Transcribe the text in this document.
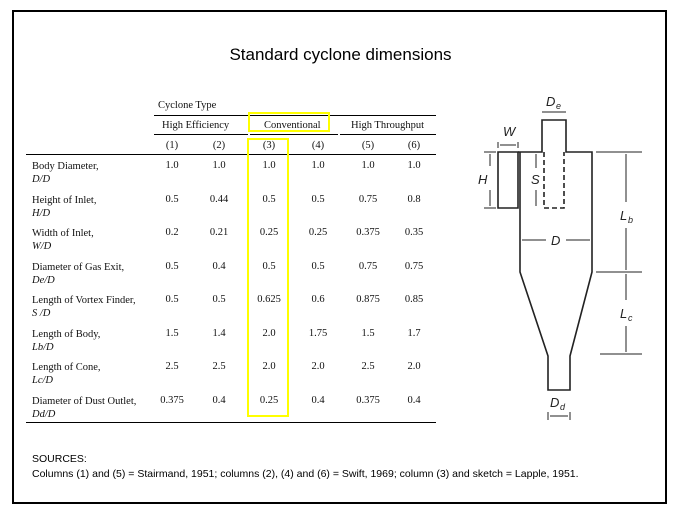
Standard cyclone dimensions
Cyclone Type
High Efficiency	Conventional	High Throughput
(1)	(2)	(3)	(4)	(5)	(6)
Body Diameter,
D/D
1.0	1.0	1.0	1.0	1.0	1.0
Height of Inlet,
H/D
0.5	0.44	0.5	0.5	0.75	0.8
Width of Inlet,
W/D
0.2	0.21	0.25	0.25	0.375	0.35
Diameter of Gas Exit,
De/D
0.5	0.4	0.5	0.5	0.75	0.75
Length of Vortex Finder,
S /D
0.5	0.5	0.625	0.6	0.875	0.85
Length of Body,
Lb/D
1.5	1.4	2.0	1.75	1.5	1.7
Length of Cone,
Lc/D
2.5	2.5	2.0	2.0	2.5	2.0
Diameter of Dust Outlet,
Dd/D
0.375	0.4	0.25	0.4	0.375	0.4
W
D e
H	S
D
L b
L c
D d
SOURCES:
Columns (1) and (5) = Stairmand, 1951; columns (2), (4) and (6) = Swift, 1969; column (3) and sketch = Lapple, 1951.
